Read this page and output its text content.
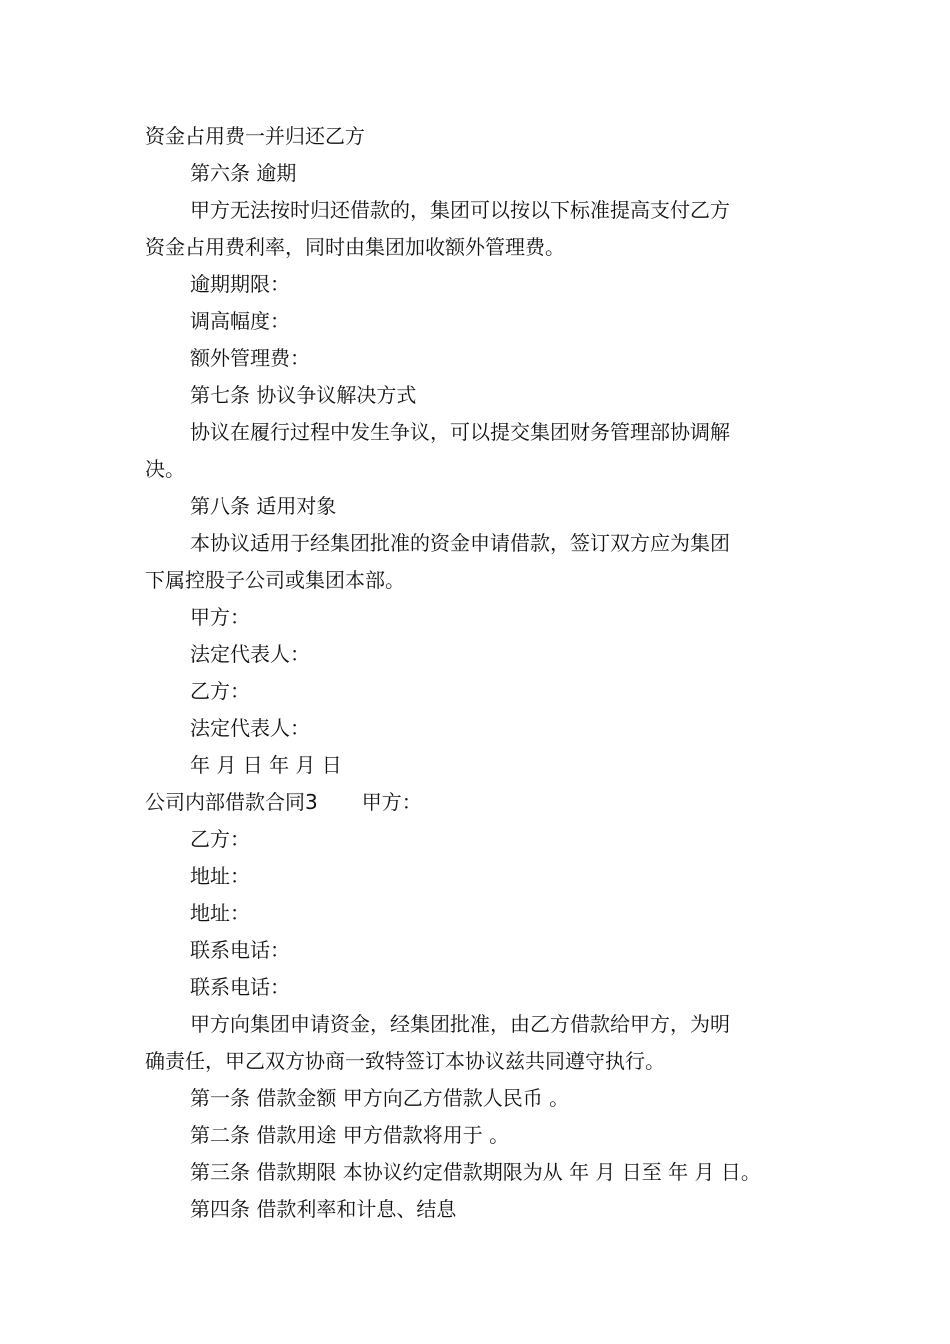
资金占用费一并归还乙方
第六条 逾期
甲方无法按时归还借款的，集团可以按以下标准提高支付乙方
资金占用费利率，同时由集团加收额外管理费。
逾期期限：
调高幅度：
额外管理费：
第七条 协议争议解决方式
协议在履行过程中发生争议，可以提交集团财务管理部协调解
决。
第八条 适用对象
本协议适用于经集团批准的资金申请借款，签订双方应为集团
下属控股子公司或集团本部。
甲方：
法定代表人：
乙方：
法定代表人：
年 月 日 年 月 日
公司内部借款合同3 甲方：
乙方：
地址：
地址：
联系电话：
联系电话：
甲方向集团申请资金，经集团批准，由乙方借款给甲方，为明
确责任，甲乙双方协商一致特签订本协议兹共同遵守执行。
第一条 借款金额 甲方向乙方借款人民币 。
第二条 借款用途 甲方借款将用于 。
第三条 借款期限 本协议约定借款期限为从 年 月 日至 年 月 日。
第四条 借款利率和计息、结息
